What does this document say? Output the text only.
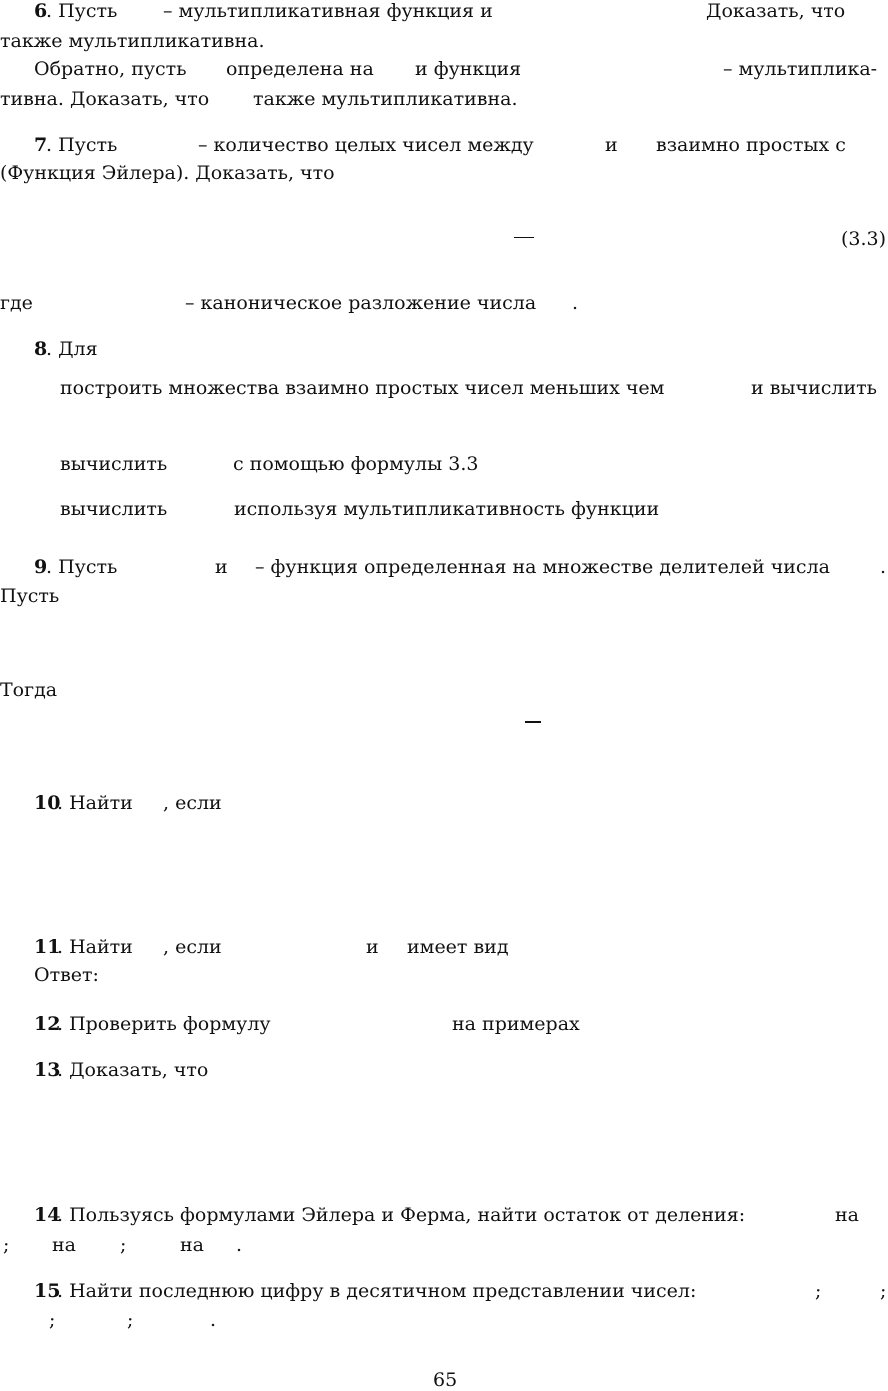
6
. Пусть – мультипликативная функция и	Доказать, что
также мультипликативна.
Обратно, пусть определена на и функция	– мультиплика-
тивна. Доказать, что также мультипликативна.
7
. Пусть	– количество целых чисел между	и взаимно простых с
(Функция Эйлера). Доказать, что
(3.3)
где	– каноническое разложение числа .
8
. Для
построить множества взаимно простых чисел меньших чем	и вычислить
вычислить	с помощью формулы 3.3
вычислить	используя мультипликативность функции
9
. Пусть	и – функция определенная на множестве делителей числа	.
Пусть
Тогда
10
. Найти , если
11
. Найти , если	и имеет вид
Ответ:
12
. Проверить формулу	на примерах
13
. Доказать, что
14
. Пользуясь формулами Эйлера и Ферма, найти остаток от деления:	на
; на ;	на .
15
. Найти последнюю цифру в десятичном представлении чисел:	;	;
;	;	.
65
